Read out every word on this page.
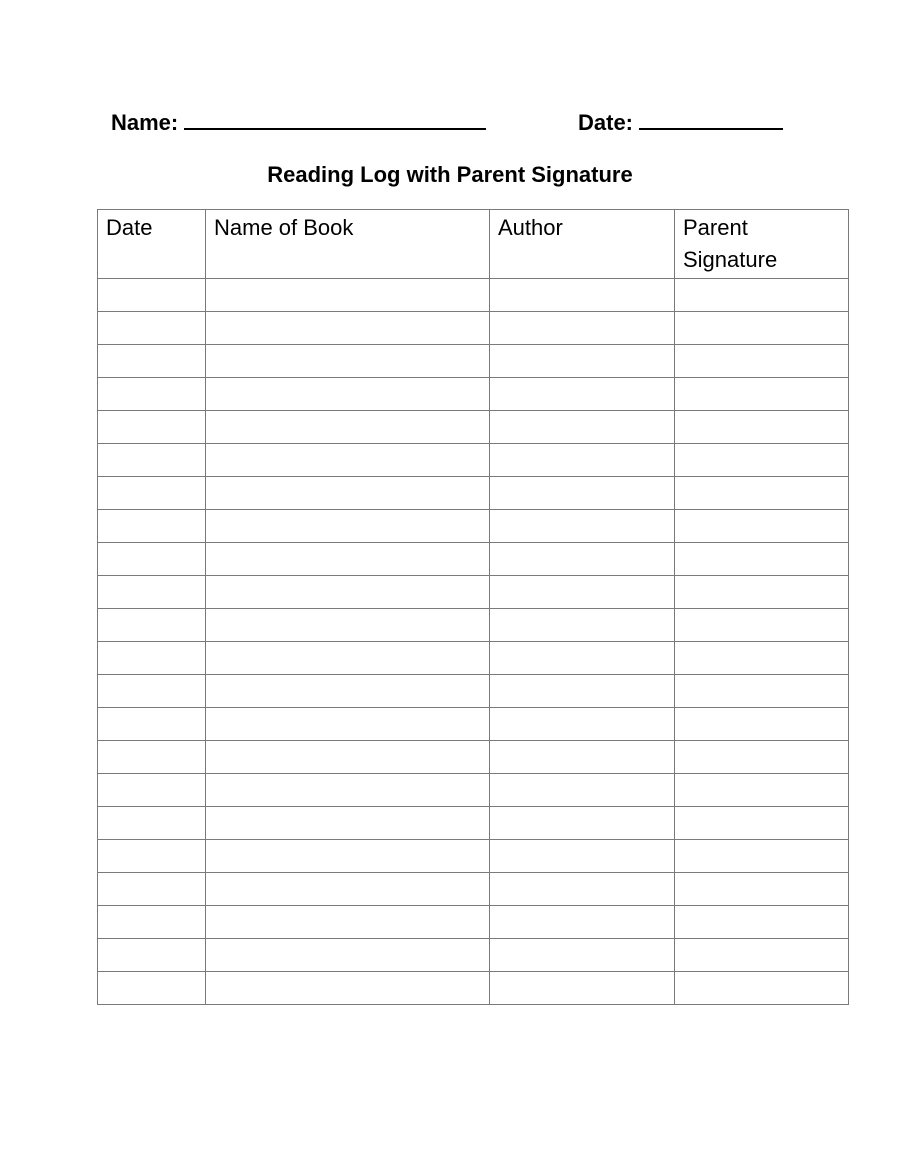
Name:	Date:
Reading Log with Parent Signature
Date	Name of Book	Author	Parent Signature
